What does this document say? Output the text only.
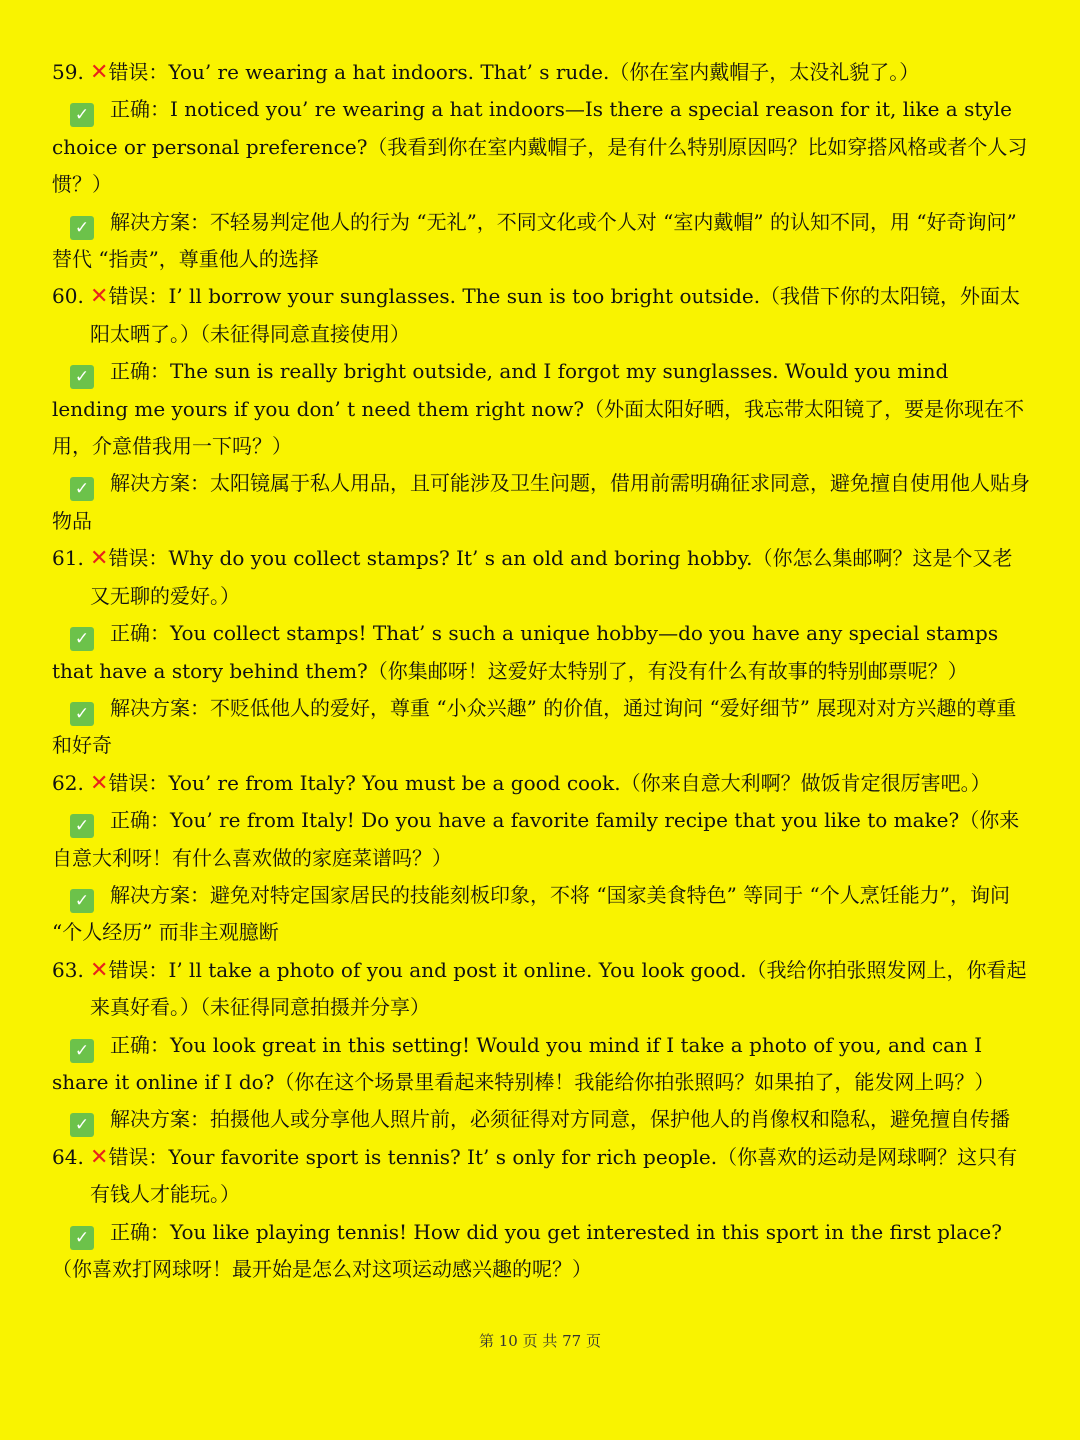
59. ✕错误：You’ re wearing a hat indoors. That’ s rude.（你在室内戴帽子，太没礼貌了。）

✓ 正确：I noticed you’ re wearing a hat indoors—Is there a special reason for it, like a style choice or personal preference?（我看到你在室内戴帽子，是有什么特别原因吗？比如穿搭风格或者个人习惯？）

✓ 解决方案：不轻易判定他人的行为 “无礼”，不同文化或个人对 “室内戴帽” 的认知不同，用 “好奇询问” 替代 “指责”，尊重他人的选择

60. ✕错误：I’ ll borrow your sunglasses. The sun is too bright outside.（我借下你的太阳镜，外面太阳太晒了。）（未征得同意直接使用）

✓ 正确：The sun is really bright outside, and I forgot my sunglasses. Would you mind lending me yours if you don’ t need them right now?（外面太阳好晒，我忘带太阳镜了，要是你现在不用，介意借我用一下吗？）

✓ 解决方案：太阳镜属于私人用品，且可能涉及卫生问题，借用前需明确征求同意，避免擅自使用他人贴身物品

61. ✕错误：Why do you collect stamps? It’ s an old and boring hobby.（你怎么集邮啊？这是个又老又无聊的爱好。）

✓ 正确：You collect stamps! That’ s such a unique hobby—do you have any special stamps that have a story behind them?（你集邮呀！这爱好太特别了，有没有什么有故事的特别邮票呢？）

✓ 解决方案：不贬低他人的爱好，尊重 “小众兴趣” 的价值，通过询问 “爱好细节” 展现对对方兴趣的尊重和好奇

62. ✕错误：You’ re from Italy? You must be a good cook.（你来自意大利啊？做饭肯定很厉害吧。）

✓ 正确：You’ re from Italy! Do you have a favorite family recipe that you like to make?（你来自意大利呀！有什么喜欢做的家庭菜谱吗？）

✓ 解决方案：避免对特定国家居民的技能刻板印象，不将 “国家美食特色” 等同于 “个人烹饪能力”，询问 “个人经历” 而非主观臆断

63. ✕错误：I’ ll take a photo of you and post it online. You look good.（我给你拍张照发网上，你看起来真好看。）（未征得同意拍摄并分享）

✓ 正确：You look great in this setting! Would you mind if I take a photo of you, and can I share it online if I do?（你在这个场景里看起来特别棒！我能给你拍张照吗？如果拍了，能发网上吗？）

✓ 解决方案：拍摄他人或分享他人照片前，必须征得对方同意，保护他人的肖像权和隐私，避免擅自传播

64. ✕错误：Your favorite sport is tennis? It’ s only for rich people.（你喜欢的运动是网球啊？这只有有钱人才能玩。）

✓ 正确：You like playing tennis! How did you get interested in this sport in the first place?（你喜欢打网球呀！最开始是怎么对这项运动感兴趣的呢？）

第 10 页 共 77 页
